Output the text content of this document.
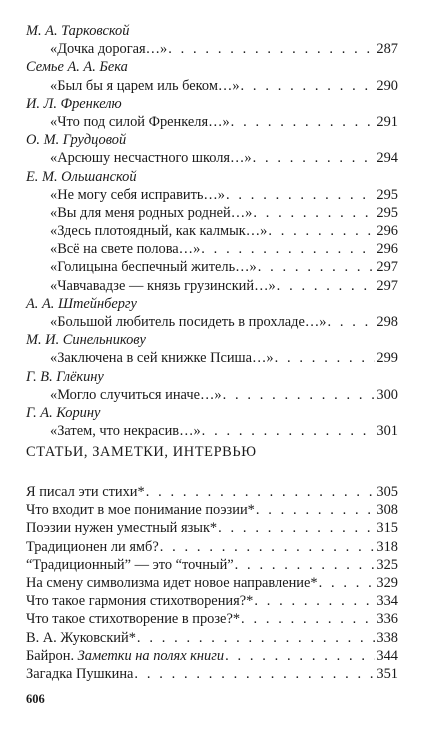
М. А. Тарковской
«Дочка дорогая…» . . .	287
Семье А. А. Бека
«Был бы я царем иль беком…» . . .	290
И. Л. Френкелю
«Что под силой Френкеля…» . . .	291
О. М. Грудцовой
«Арсюшу несчастного школя…» . . .	294
Е. М. Ольшанской
«Не могу себя исправить…» . . .	295
«Вы для меня родных родней…» . . .	295
«Здесь плотоядный, как калмык…» . . .	296
«Всё на свете полова…» . . .	296
«Голицына беспечный житель…» . . .	297
«Чавчавадзе — князь грузинский…» . . .	297
А. А. Штейнбергу
«Большой любитель посидеть в прохладе…» . . .	298
М. И. Синельникову
«Заключена в сей книжке Псиша…» . . .	299
Г. В. Глёкину
«Могло случиться иначе…» . . .	300
Г. А. Корину
«Затем, что некрасив…» . . .	301
СТАТЬИ, ЗАМЕТКИ, ИНТЕРВЬЮ
Я писал эти стихи* . . .	305
Что входит в мое понимание поэзии* . . .	308
Поэзии нужен уместный язык* . . .	315
Традиционен ли ямб? . . .	318
“Традиционный” — это “точный” . . .	325
На смену символизма идет новое направление* . . .	329
Что такое гармония стихотворения?* . . .	334
Что такое стихотворение в прозе?* . . .	336
В. А. Жуковский* . . .	338
Байрон. Заметки на полях книги . . .	344
Загадка Пушкина . . .	351
606
